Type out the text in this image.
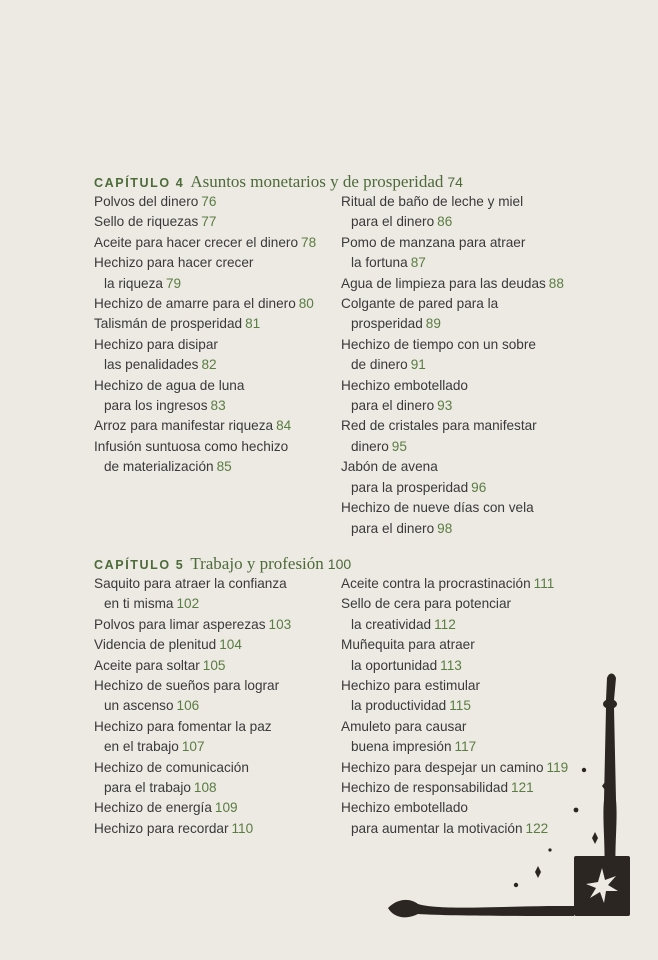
CAPÍTULO 4 Asuntos monetarios y de prosperidad 74
Polvos del dinero 76
Sello de riquezas 77
Aceite para hacer crecer el dinero 78
Hechizo para hacer crecer
la riqueza 79
Hechizo de amarre para el dinero 80
Talismán de prosperidad 81
Hechizo para disipar
las penalidades 82
Hechizo de agua de luna
para los ingresos 83
Arroz para manifestar riqueza 84
Infusión suntuosa como hechizo
de materialización 85
Ritual de baño de leche y miel
para el dinero 86
Pomo de manzana para atraer
la fortuna 87
Agua de limpieza para las deudas 88
Colgante de pared para la
prosperidad 89
Hechizo de tiempo con un sobre
de dinero 91
Hechizo embotellado
para el dinero 93
Red de cristales para manifestar
dinero 95
Jabón de avena
para la prosperidad 96
Hechizo de nueve días con vela
para el dinero 98
CAPÍTULO 5 Trabajo y profesión 100
Saquito para atraer la confianza
en ti misma 102
Polvos para limar asperezas 103
Videncia de plenitud 104
Aceite para soltar 105
Hechizo de sueños para lograr
un ascenso 106
Hechizo para fomentar la paz
en el trabajo 107
Hechizo de comunicación
para el trabajo 108
Hechizo de energía 109
Hechizo para recordar 110
Aceite contra la procrastinación 111
Sello de cera para potenciar
la creatividad 112
Muñequita para atraer
la oportunidad 113
Hechizo para estimular
la productividad 115
Amuleto para causar
buena impresión 117
Hechizo para despejar un camino 119
Hechizo de responsabilidad 121
Hechizo embotellado
para aumentar la motivación 122
